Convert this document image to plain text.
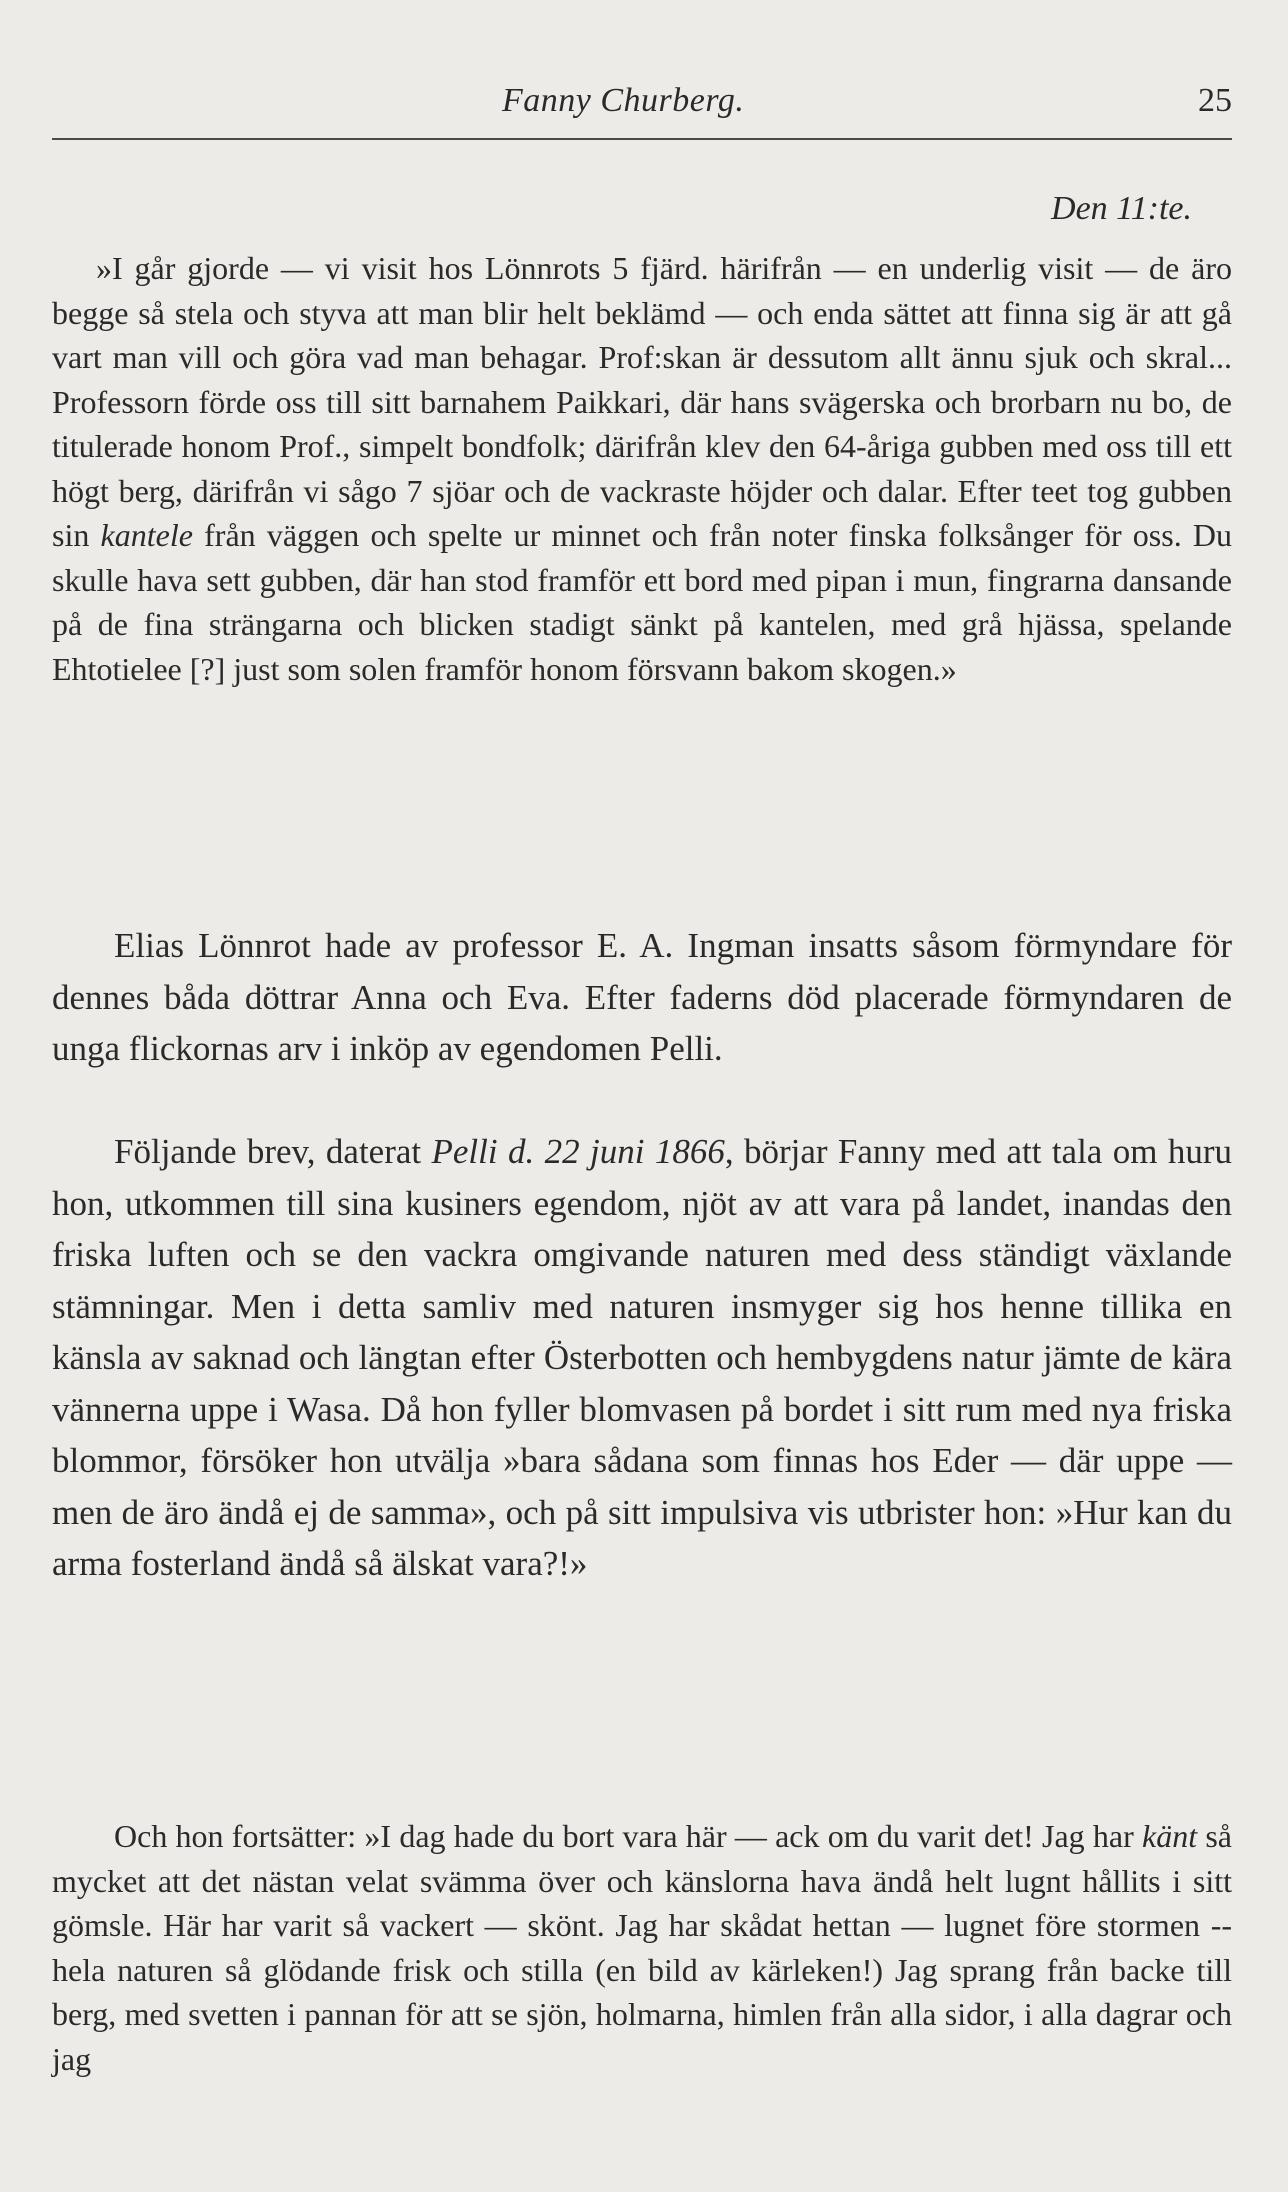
Fanny Churberg.	25
Den 11:te.

»I går gjorde — vi visit hos Lönnrots 5 fjärd. härifrån — en underlig visit — de äro begge så stela och styva att man blir helt beklämd — och enda sättet att finna sig är att gå vart man vill och göra vad man behagar. Prof:skan är dessutom allt ännu sjuk och skral... Professorn förde oss till sitt barnahem Paikkari, där hans svägerska och brorbarn nu bo, de titulerade honom Prof., simpelt bondfolk; därifrån klev den 64-åriga gubben med oss till ett högt berg, därifrån vi sågo 7 sjöar och de vackraste höjder och dalar. Efter teet tog gubben sin kantele från väggen och spelte ur minnet och från noter finska folksånger för oss. Du skulle hava sett gubben, där han stod framför ett bord med pipan i mun, fingrarna dansande på de fina strängarna och blicken stadigt sänkt på kantelen, med grå hjässa, spelande Ehtotielee [?] just som solen framför honom försvann bakom skogen.»

Elias Lönnrot hade av professor E. A. Ingman insatts såsom förmyndare för dennes båda döttrar Anna och Eva. Efter faderns död placerade förmyndaren de unga flickornas arv i inköp av egendomen Pelli.

Följande brev, daterat Pelli d. 22 juni 1866, börjar Fanny med att tala om huru hon, utkommen till sina kusiners egendom, njöt av att vara på landet, inandas den friska luften och se den vackra omgivande naturen med dess ständigt växlande stämningar. Men i detta samliv med naturen insmyger sig hos henne tillika en känsla av saknad och längtan efter Österbotten och hembygdens natur jämte de kära vännerna uppe i Wasa. Då hon fyller blomvasen på bordet i sitt rum med nya friska blommor, försöker hon utvälja »bara sådana som finnas hos Eder — där uppe — men de äro ändå ej de samma», och på sitt impulsiva vis utbrister hon: »Hur kan du arma fosterland ändå så älskat vara?!»

Och hon fortsätter: »I dag hade du bort vara här — ack om du varit det! Jag har känt så mycket att det nästan velat svämma över och känslorna hava ändå helt lugnt hållits i sitt gömsle. Här har varit så vackert — skönt. Jag har skådat hettan — lugnet före stormen -- hela naturen så glödande frisk och stilla (en bild av kärleken!) Jag sprang från backe till berg, med svetten i pannan för att se sjön, holmarna, himlen från alla sidor, i alla dagrar och jag
